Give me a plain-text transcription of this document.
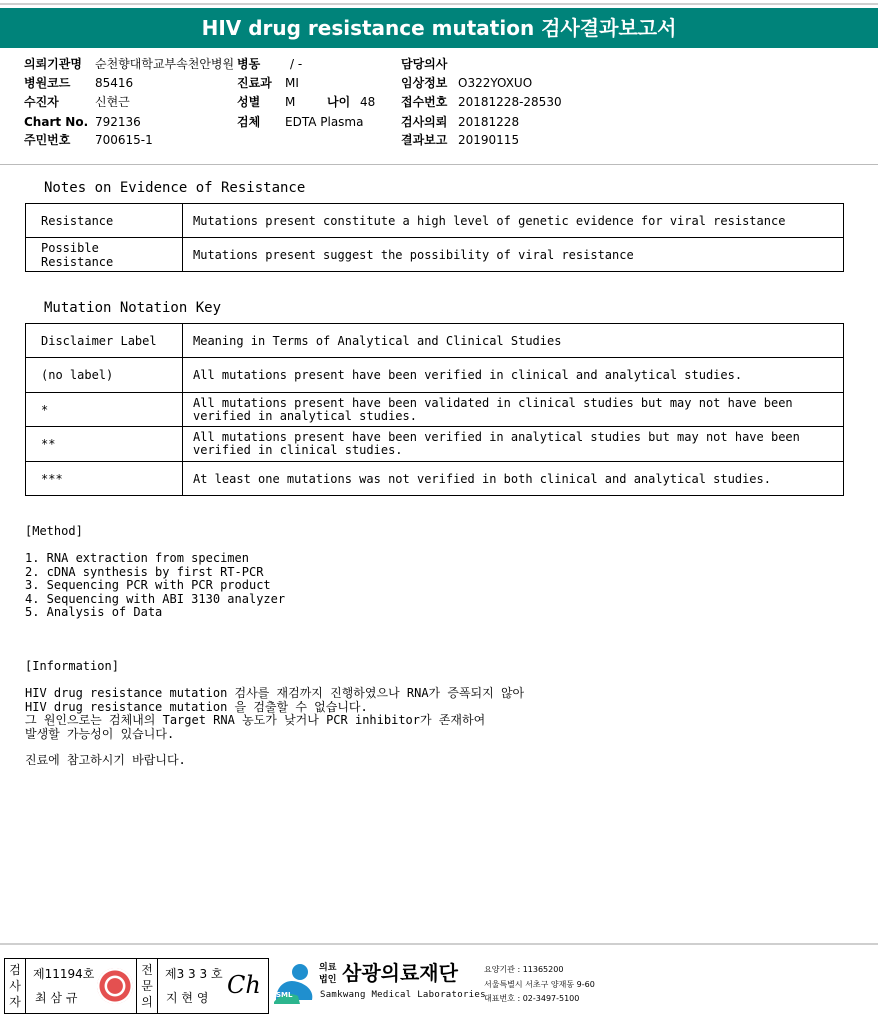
HIV drug resistance mutation 검사결과보고서
의뢰기관명 순천향대학교부속천안병원 병동 / -	담당의사
병원코드 85416	진료과 MI	임상정보 O322YOXUO
수진자	신현근	성별 M	나이 48 접수번호 20181228-28530
Chart No. 792136	검체 EDTA Plasma	검사의뢰 20181228
주민번호 700615-1	결과보고 20190115
Notes on Evidence of Resistance
Resistance	Mutations present constitute a high level of genetic evidence for viral resistance
Possible Resistance	Mutations present suggest the possibility of viral resistance
Mutation Notation Key
Disclaimer Label	Meaning in Terms of Analytical and Clinical Studies
(no label)	All mutations present have been verified in clinical and analytical studies.
*	All mutations present have been validated in clinical studies but may not have been verified in analytical studies.
**	All mutations present have been verified in analytical studies but may not have been verified in clinical studies.
***	At least one mutations was not verified in both clinical and analytical studies.
[Method]
1. RNA extraction from specimen
2. cDNA synthesis by first RT-PCR
3. Sequencing PCR with PCR product
4. Sequencing with ABI 3130 analyzer
5. Analysis of Data
[Information]
HIV drug resistance mutation 검사를 재검까지 진행하였으나 RNA가 증폭되지 않아
HIV drug resistance mutation 을 검출할 수 없습니다.
그 원인으로는 검체내의 Target RNA 농도가 낮거나 PCR inhibitor가 존재하여
발생할 가능성이 있습니다.
진료에 참고하시기 바랍니다.
검사자
제11194호
최 삼 규
전문의
제3 3 3 호
지 현 영 Ch SML
의료
법인 삼광의료재단
Samkwang Medical Laboratories
요양기관 : 11365200
서울특별시 서초구 양재동 9-60
대표번호 : 02-3497-5100
